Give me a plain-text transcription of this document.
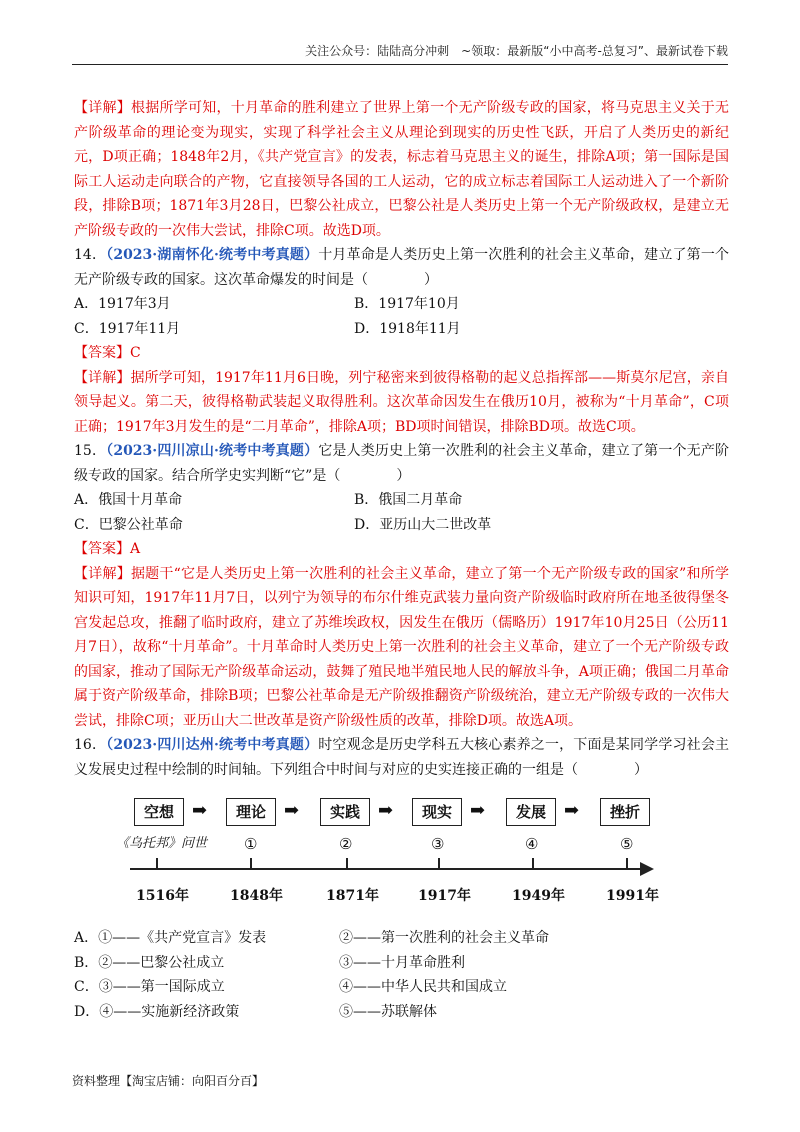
关注公众号：陆陆高分冲刺　~领取：最新版“小中高考-总复习”、最新试卷下载

【详解】根据所学可知，十月革命的胜利建立了世界上第一个无产阶级专政的国家，将马克思主义关于无产阶级革命的理论变为现实，实现了科学社会主义从理论到现实的历史性飞跃，开启了人类历史的新纪元，D项正确；1848年2月，《共产党宣言》的发表，标志着马克思主义的诞生，排除A项；第一国际是国际工人运动走向联合的产物，它直接领导各国的工人运动，它的成立标志着国际工人运动进入了一个新阶段，排除B项；1871年3月28日，巴黎公社成立，巴黎公社是人类历史上第一个无产阶级政权，是建立无产阶级专政的一次伟大尝试，排除C项。故选D项。

14．（2023·湖南怀化·统考中考真题）十月革命是人类历史上第一次胜利的社会主义革命，建立了第一个无产阶级专政的国家。这次革命爆发的时间是（　　　　）

A．1917年3月	B．1917年10月
C．1917年11月	D．1918年11月

【答案】C

【详解】据所学可知，1917年11月6日晚，列宁秘密来到彼得格勒的起义总指挥部——斯莫尔尼宫，亲自领导起义。第二天，彼得格勒武装起义取得胜利。这次革命因发生在俄历10月，被称为“十月革命”，C项正确；1917年3月发生的是“二月革命”，排除A项；BD项时间错误，排除BD项。故选C项。

15．（2023·四川凉山·统考中考真题）它是人类历史上第一次胜利的社会主义革命，建立了第一个无产阶级专政的国家。结合所学史实判断“它”是（　　　　）

A．俄国十月革命	B．俄国二月革命
C．巴黎公社革命	D．亚历山大二世改革

【答案】A

【详解】据题干“它是人类历史上第一次胜利的社会主义革命，建立了第一个无产阶级专政的国家”和所学知识可知，1917年11月7日，以列宁为领导的布尔什维克武装力量向资产阶级临时政府所在地圣彼得堡冬宫发起总攻，推翻了临时政府，建立了苏维埃政权，因发生在俄历（儒略历）1917年10月25日（公历11月7日），故称“十月革命”。十月革命时人类历史上第一次胜利的社会主义革命，建立了一个无产阶级专政的国家，推动了国际无产阶级革命运动，鼓舞了殖民地半殖民地人民的解放斗争，A项正确；俄国二月革命属于资产阶级革命，排除B项；巴黎公社革命是无产阶级推翻资产阶级统治，建立无产阶级专政的一次伟大尝试，排除C项；亚历山大二世改革是资产阶级性质的改革，排除D项。故选A项。

16．（2023·四川达州·统考中考真题）时空观念是历史学科五大核心素养之一，下面是某同学学习社会主义发展史过程中绘制的时间轴。下列组合中时间与对应的史实连接正确的一组是（　　　　）

空想	➡	理论	➡	实践	➡	现实	➡	发展	➡	挫折
《乌托邦》问世 ①	②	③	④	⑤
1516年	1848年	1871年	1917年	1949年	1991年
A．①——《共产党宣言》发表	②——第一次胜利的社会主义革命
B．②——巴黎公社成立	③——十月革命胜利
C．③——第一国际成立	④——中华人民共和国成立
D．④——实施新经济政策	⑤——苏联解体
资料整理【淘宝店铺：向阳百分百】
